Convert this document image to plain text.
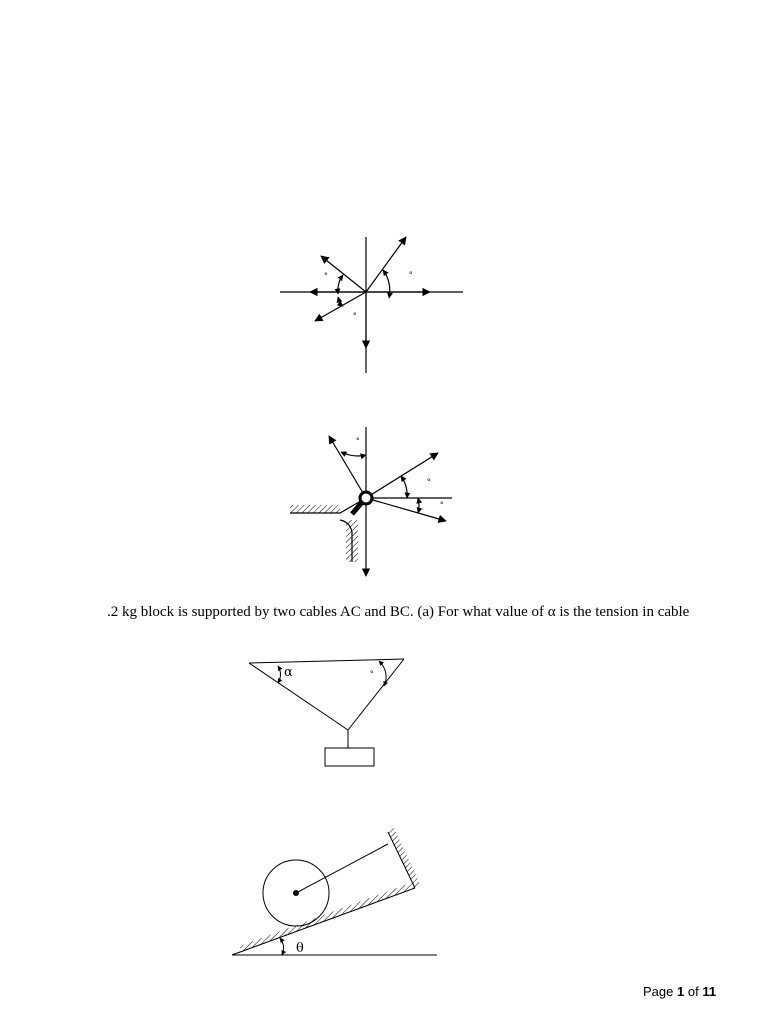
°	°
°
°
°
°
α	°
θ
.2 kg block is supported by two cables AC and BC. (a) For what value of α is the tension in cable
Page 1 of 11
